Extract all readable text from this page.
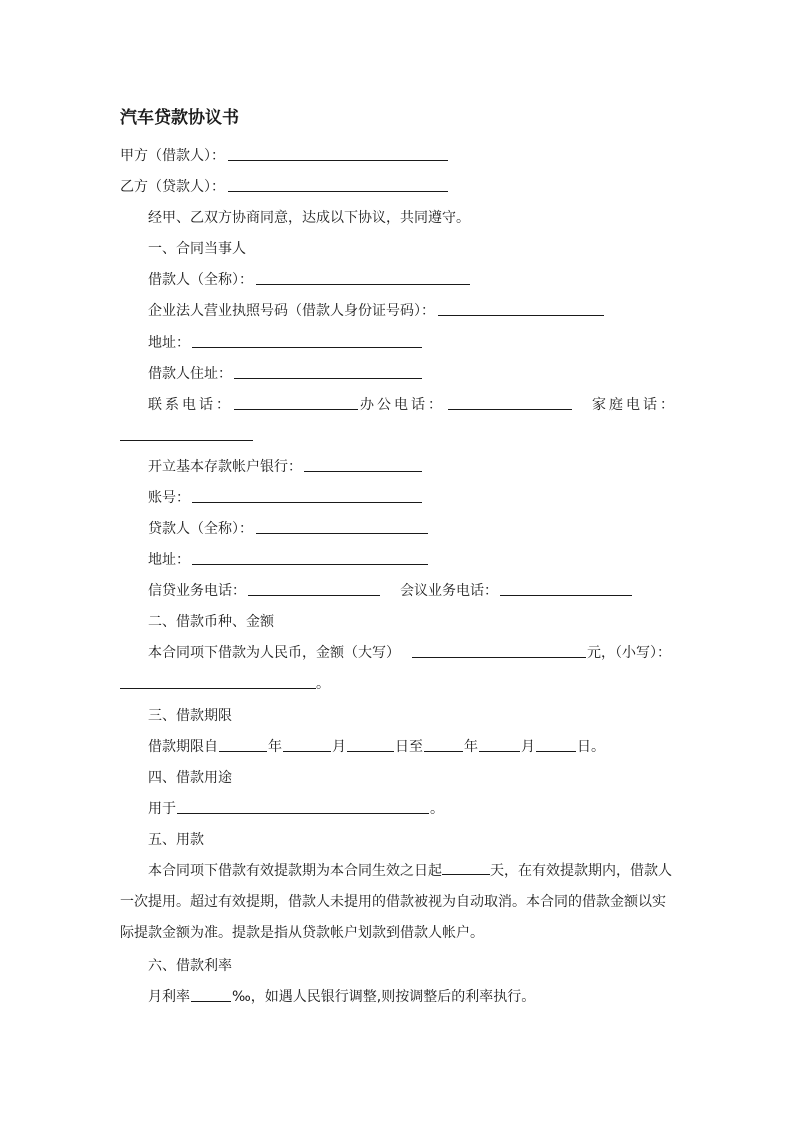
汽车贷款协议书
甲方（借款人）：
乙方（贷款人）：
经甲、乙双方协商同意，达成以下协议，共同遵守。
一、合同当事人
借款人（全称）：
企业法人营业执照号码（借款人身份证号码）：
地址：
借款人住址：
联系电话：	办公电话：	家庭电话：
开立基本存款帐户银行：
账号：
贷款人（全称）：
地址：
信贷业务电话：	会议业务电话：
二、借款币种、金额
本合同项下借款为人民币，金额（大写）	元，（小写）：
。
三、借款期限
借款期限自	年	月	日至	年	月	日。
四、借款用途
用于	。
五、用款
本合同项下借款有效提款期为本合同生效之日起	天，在有效提款期内，借款人一次提用。超过有效提期，借款人未提用的借款被视为自动取消。本合同的借款金额以实际提款金额为准。提款是指从贷款帐户划款到借款人帐户。
六、借款利率
月利率	‰，如遇人民银行调整,则按调整后的利率执行。
